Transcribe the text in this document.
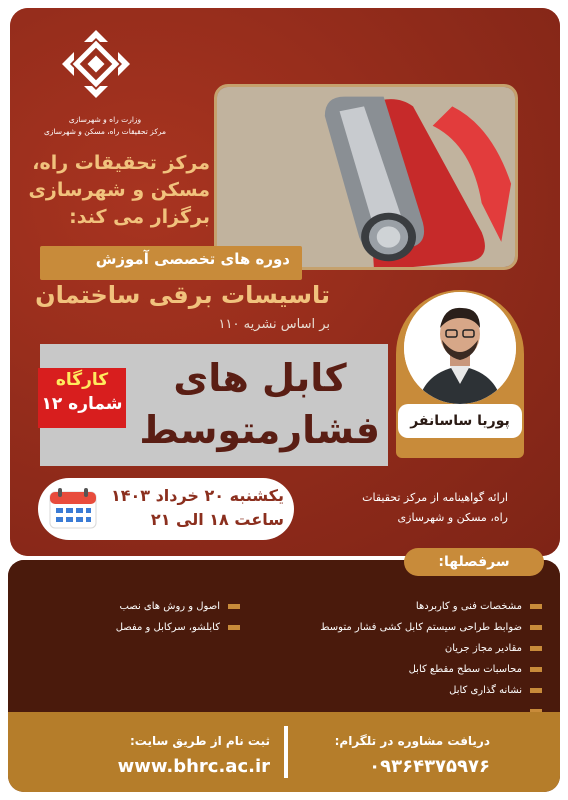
وزارت راه و شهرسازی
مرکز تحقیقات راه، مسکن و شهرسازی
مرکز تحقیقات راه،
مسکن و شهرسازی
برگزار می کند:
دوره های تخصصی آموزش
تاسیسات برقی ساختمان
بر اساس نشریه ۱۱۰
کابل های
فشارمتوسط
کارگاه
شماره ۱۲
پوریا ساسانفر
یکشنبه ۲۰ خرداد ۱۴۰۳
ساعت ۱۸ الی ۲۱
ارائه گواهینامه از مرکز تحقیقات
راه، مسکن و شهرسازی
سرفصلها:
مشخصات فنی و کاربردها
ضوابط طراحی سیستم کابل کشی فشار متوسط
مقادیر مجاز جریان
محاسبات سطح مقطع کابل
نشانه گذاری کابل
اصول و روش های نصب
کابلشو، سرکابل و مفصل
ثبت نام از طریق سایت:
www.bhrc.ac.ir
دریافت مشاوره در تلگرام:
۰۹۳۶۴۳۷۵۹۷۶
